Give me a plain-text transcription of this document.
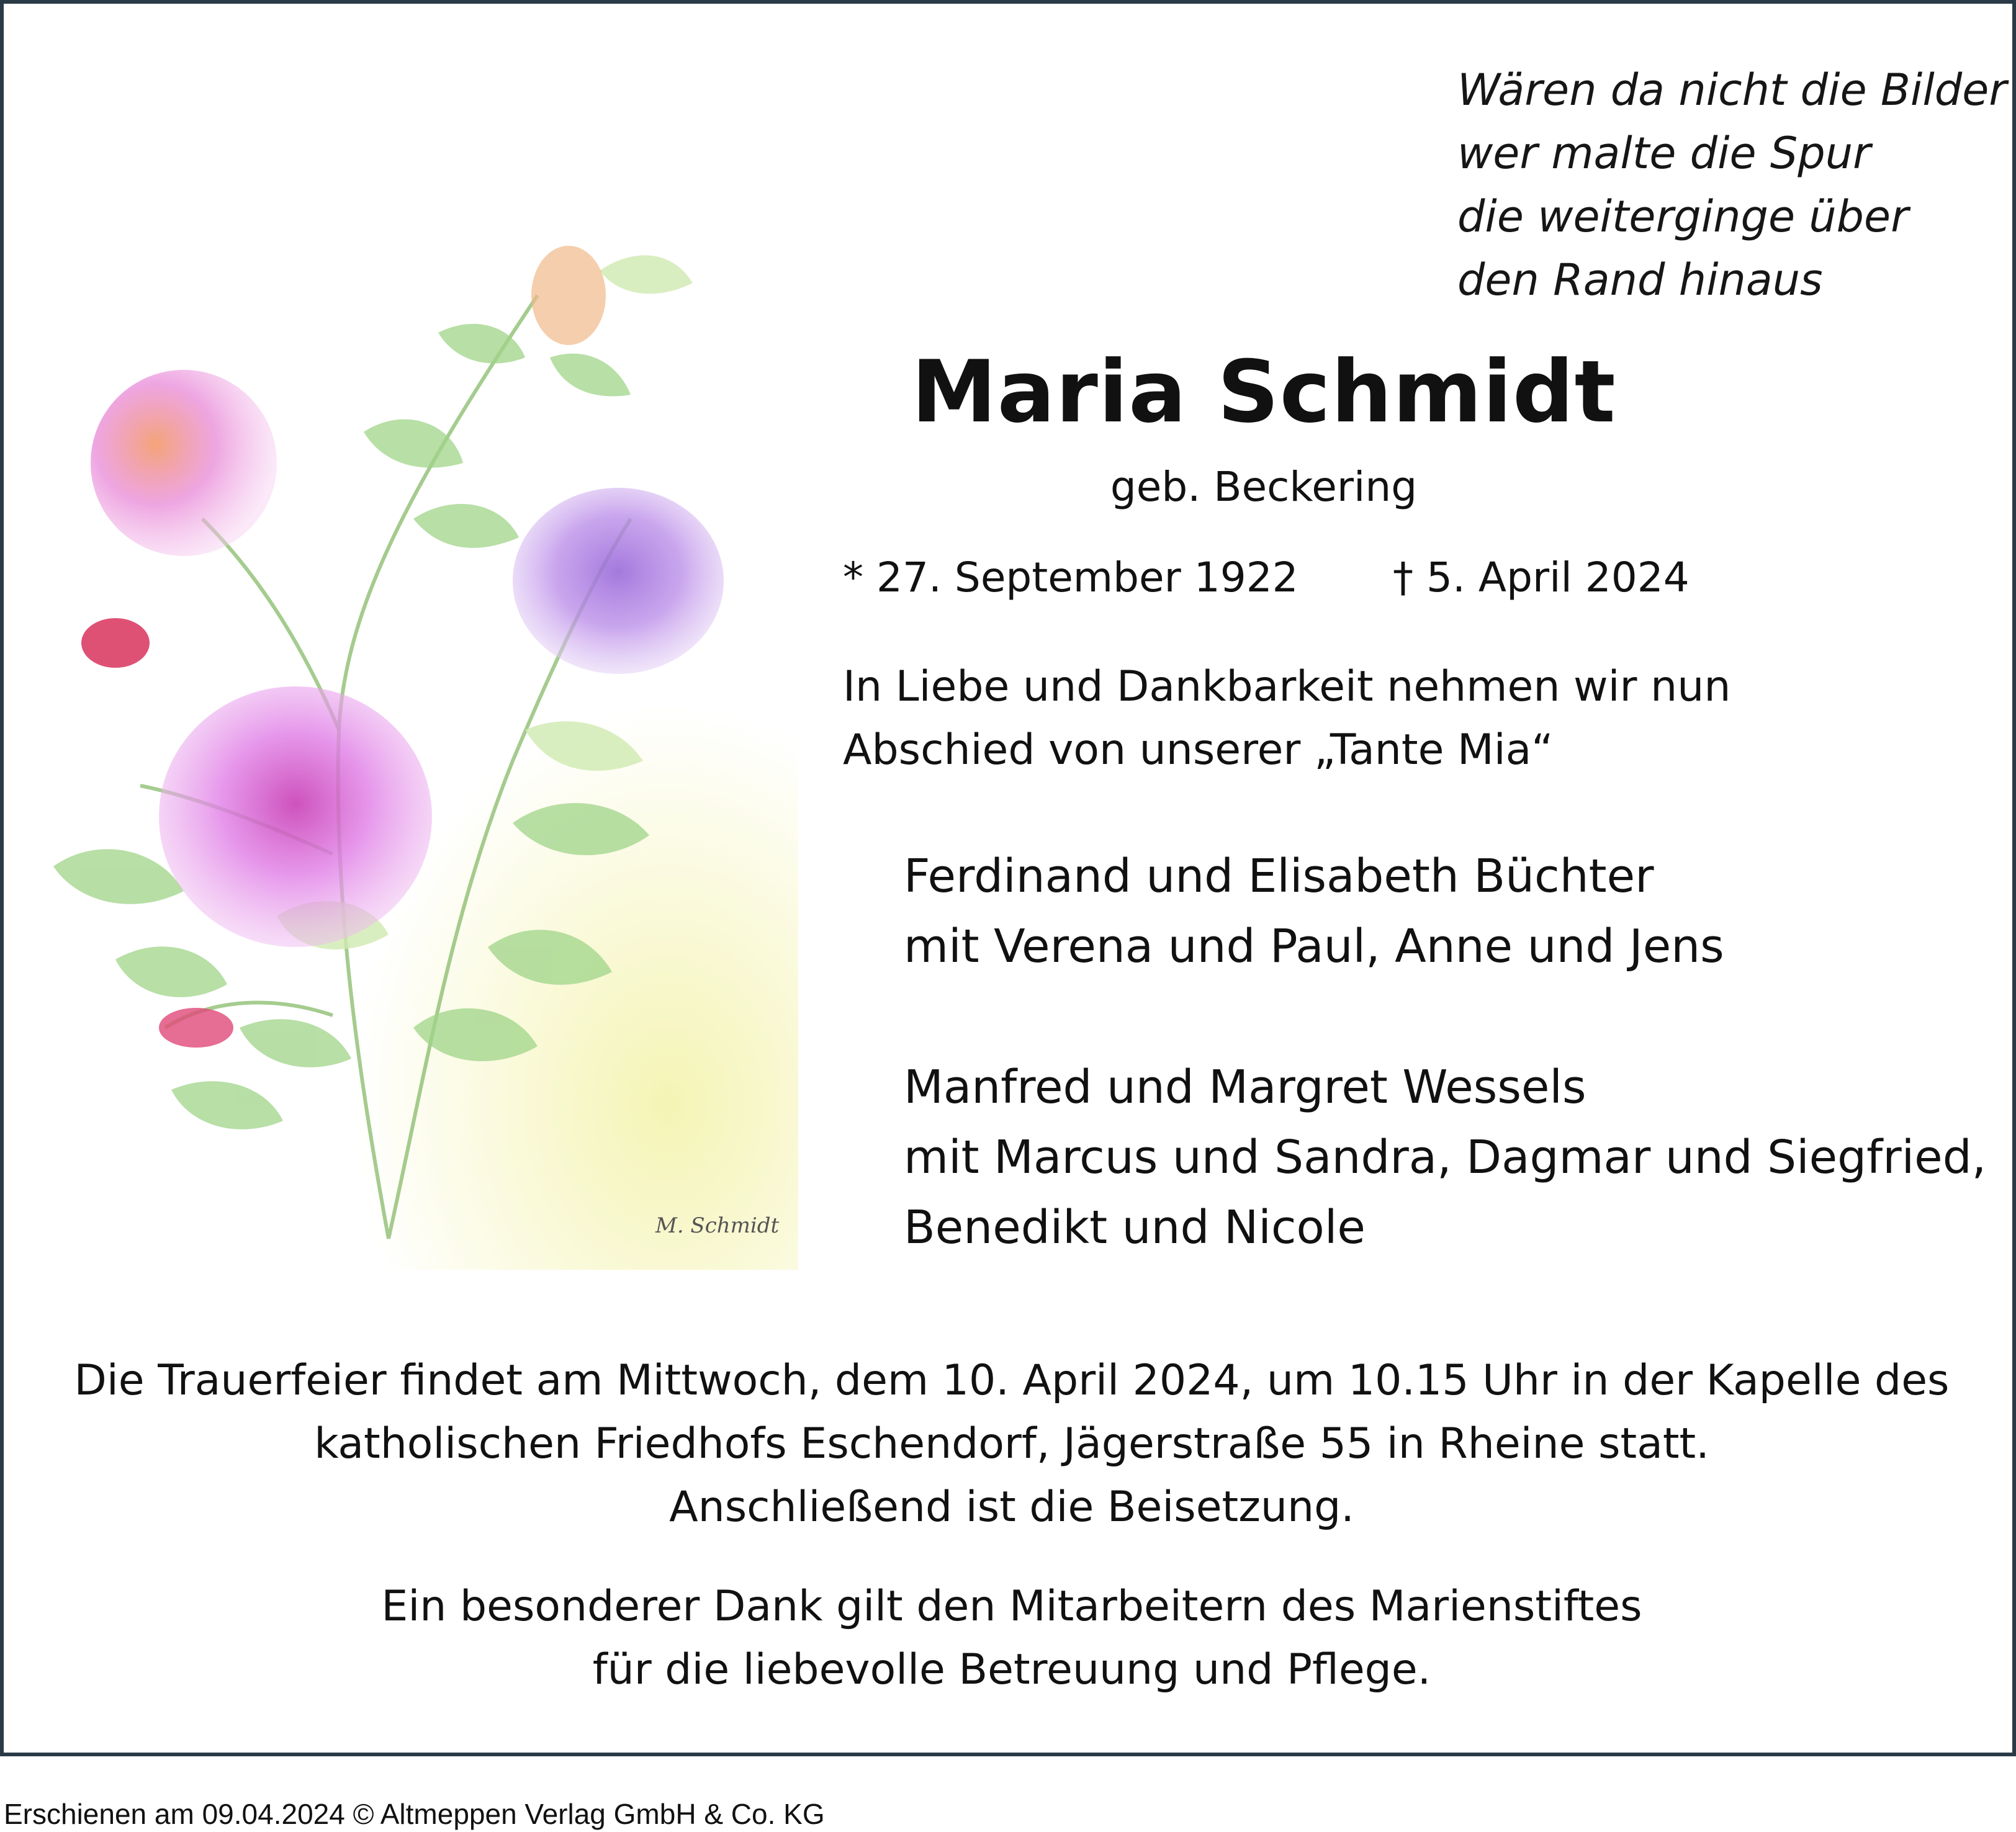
Wären da nicht die Bilder
wer malte die Spur
die weiterginge über
den Rand hinaus
M. Schmidt
Maria Schmidt
geb. Beckering
* 27. September 1922 † 5. April 2024
In Liebe und Dankbarkeit nehmen wir nun
Abschied von unserer „Tante Mia“
Ferdinand und Elisabeth Büchter
mit Verena und Paul, Anne und Jens
Manfred und Margret Wessels
mit Marcus und Sandra, Dagmar und Siegfried,
Benedikt und Nicole
Die Trauerfeier findet am Mittwoch, dem 10. April 2024, um 10.15 Uhr in der Kapelle des
katholischen Friedhofs Eschendorf, Jägerstraße 55 in Rheine statt.
Anschließend ist die Beisetzung.
Ein besonderer Dank gilt den Mitarbeitern des Marienstiftes
für die liebevolle Betreuung und Pflege.
Erschienen am 09.04.2024 © Altmeppen Verlag GmbH & Co. KG
